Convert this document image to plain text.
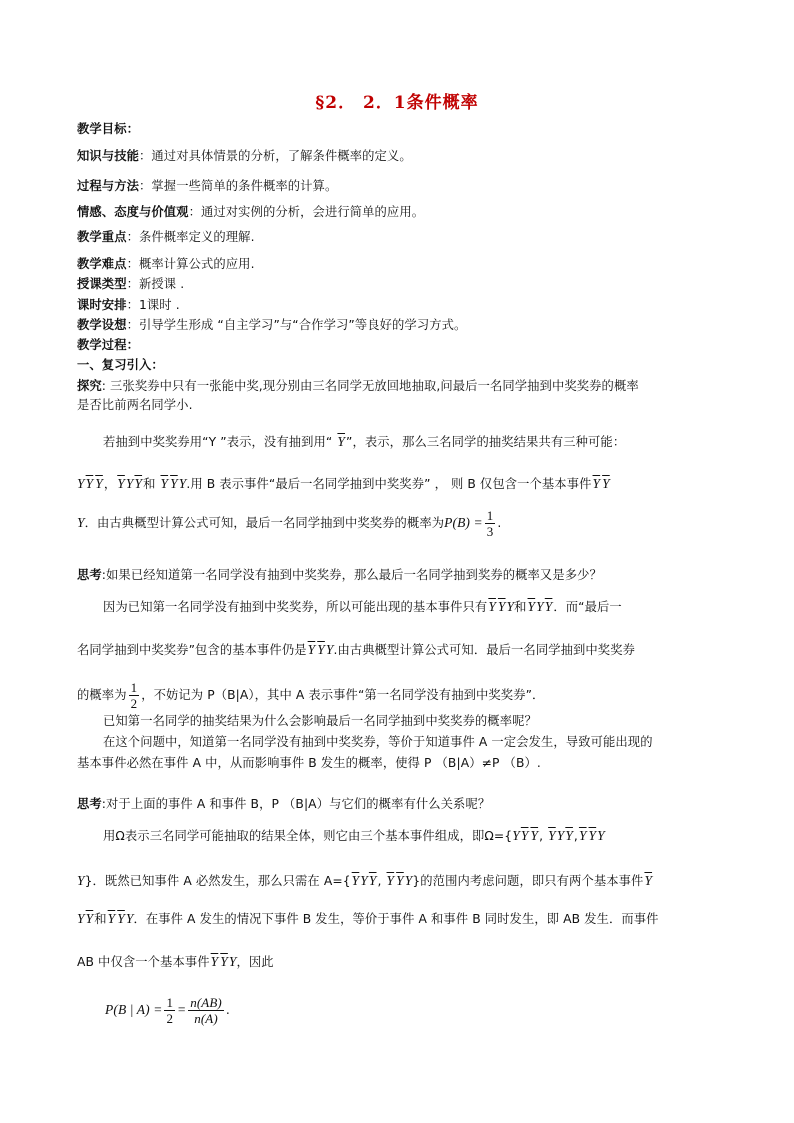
§2． 2．1条件概率
教学目标：
知识与技能：通过对具体情景的分析，了解条件概率的定义。
过程与方法：掌握一些简单的条件概率的计算。
情感、态度与价值观：通过对实例的分析，会进行简单的应用。
教学重点：条件概率定义的理解.
教学难点：概率计算公式的应用.
授课类型：新授课 .
课时安排：1课时 .
教学设想：引导学生形成 “自主学习”与“合作学习”等良好的学习方式。
教学过程：
一、复习引入：
探究: 三张奖券中只有一张能中奖,现分别由三名同学无放回地抽取,问最后一名同学抽到中奖奖券的概率
是否比前两名同学小.
若抽到中奖奖券用“Y ”表示，没有抽到用“ $\overline{Y}$”，表示，那么三名同学的抽奖结果共有三种可能：
$Y\overline{Y}$ $\overline{Y}$，$\overline{Y}Y\overline{Y}$和 $\overline{Y}$ $\overline{Y}Y$.用 B 表示事件“最后一名同学抽到中奖奖券” ， 则 B 仅包含一个基本事件$\overline{Y}$ $\overline{Y}$
Y．由古典概型计算公式可知，最后一名同学抽到中奖奖券的概率为$P(B) = \frac{1}{3}$ .
思考:如果已经知道第一名同学没有抽到中奖奖券，那么最后一名同学抽到奖券的概率又是多少？
因为已知第一名同学没有抽到中奖奖券，所以可能出现的基本事件只有$\overline{Y}$ $\overline{Y}Y$和$\overline{Y}Y\overline{Y}$．而“最后一
名同学抽到中奖奖券”包含的基本事件仍是$\overline{Y}$ $\overline{Y}Y$.由古典概型计算公式可知．最后一名同学抽到中奖奖券
的概率为 $\frac{1}{2}$ ，不妨记为 P（B|A），其中 A 表示事件“第一名同学没有抽到中奖奖券”．
已知第一名同学的抽奖结果为什么会影响最后一名同学抽到中奖奖券的概率呢？
在这个问题中，知道第一名同学没有抽到中奖奖券，等价于知道事件 A 一定会发生，导致可能出现的
基本事件必然在事件 A 中，从而影响事件 B 发生的概率，使得 P （B|A）≠P （B）.
思考:对于上面的事件 A 和事件 B，P （B|A）与它们的概率有什么关系呢？
用Ω表示三名同学可能抽取的结果全体，则它由三个基本事件组成，即$\Omega=\{Y\overline{Y}$ $\overline{Y}$, $\overline{Y}Y\overline{Y},\overline{Y}$ $\overline{Y}Y$
Y}．既然已知事件 A 必然发生，那么只需在 $A=\{\overline{Y}Y\overline{Y}$, $\overline{Y}$ $\overline{Y}Y$}的范围内考虑问题，即只有两个基本事件$\overline{Y}$
$Y\overline{Y}$和$\overline{Y}$ $\overline{Y}Y$．在事件 A 发生的情况下事件 B 发生，等价于事件 A 和事件 B 同时发生，即 AB 发生．而事件
AB 中仅含一个基本事件$\overline{Y}$ $\overline{Y}Y$，因此
P(B | $A) = \frac{1}{2} = \frac{n(AB)}{n(A)}$ .
